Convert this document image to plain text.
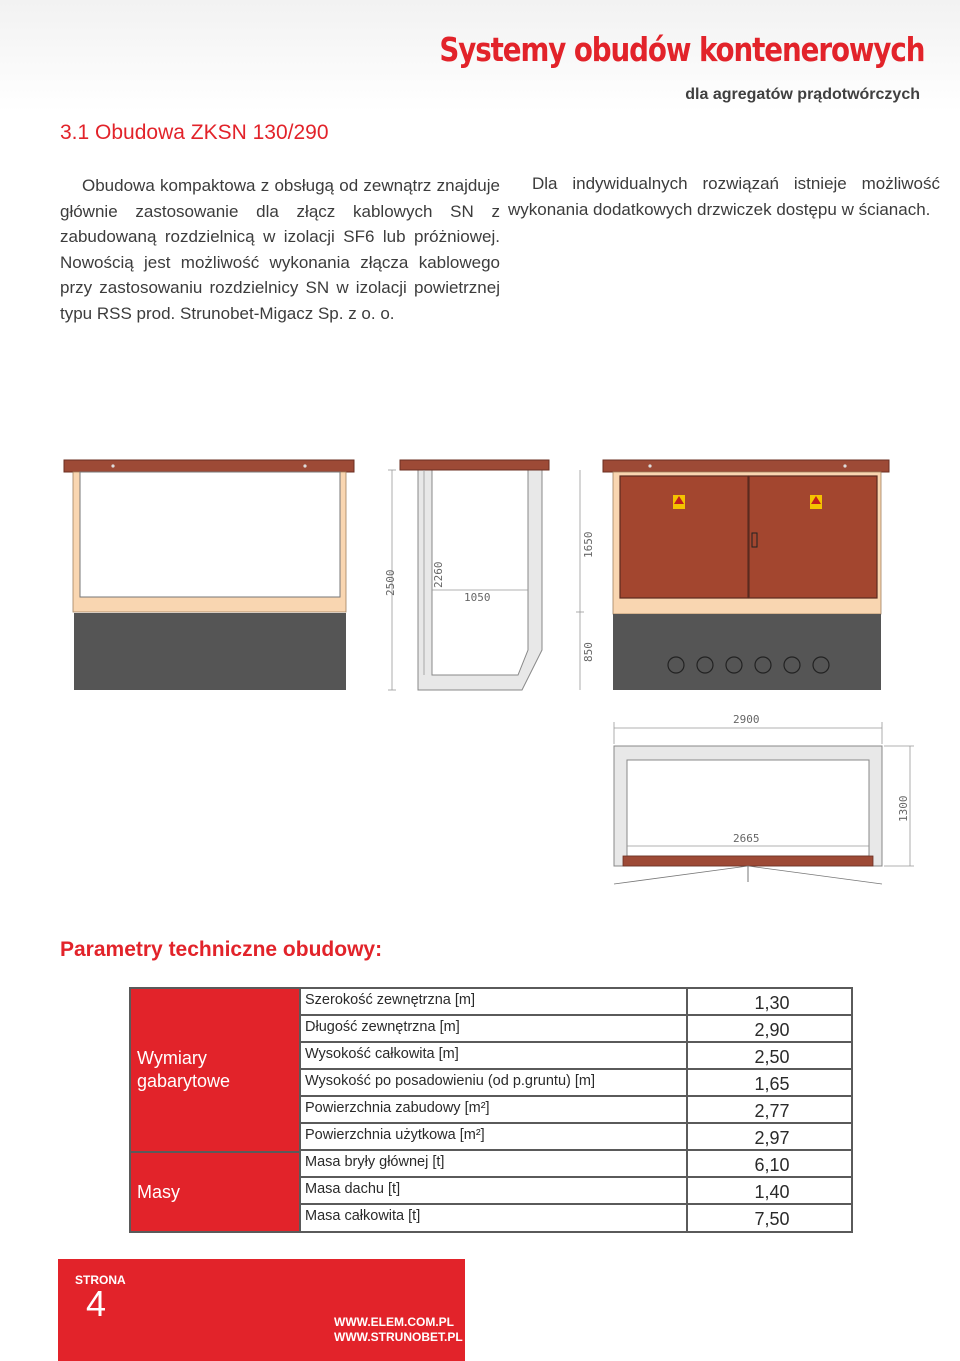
Systemy obudów kontenerowych
dla agregatów prądotwórczych
3.1 Obudowa ZKSN 130/290

Obudowa kompaktowa z obsługą od zewnątrz znajduje głównie zastosowanie dla złącz kablowych SN z zabudowaną rozdzielnicą w izolacji SF6 lub próżniowej. Nowością jest możliwość wykonania złącza kablowego przy zastosowaniu rozdzielnicy SN w izolacji powietrznej typu RSS prod. Strunobet-Migacz Sp. z o. o.

Dla indywidualnych rozwiązań istnieje możliwość wykonania dodatkowych drzwiczek dostępu w ścianach.

2500	2260
1050
1650
850
2900
2665
1300
Parametry techniczne obudowy:
Wymiary gabarytowe
Masy
Szerokość zewnętrzna [m]	1,30
Długość zewnętrzna [m]	2,90
Wysokość całkowita [m]	2,50
Wysokość po posadowieniu (od p.gruntu) [m]	1,65
Powierzchnia zabudowy [m²]	2,77
Powierzchnia użytkowa [m²]	2,97
Masa bryły głównej [t]	6,10
Masa dachu [t]	1,40
Masa całkowita [t]	7,50
STRONA
4	WWW.ELEM.COM.PL
WWW.STRUNOBET.PL
